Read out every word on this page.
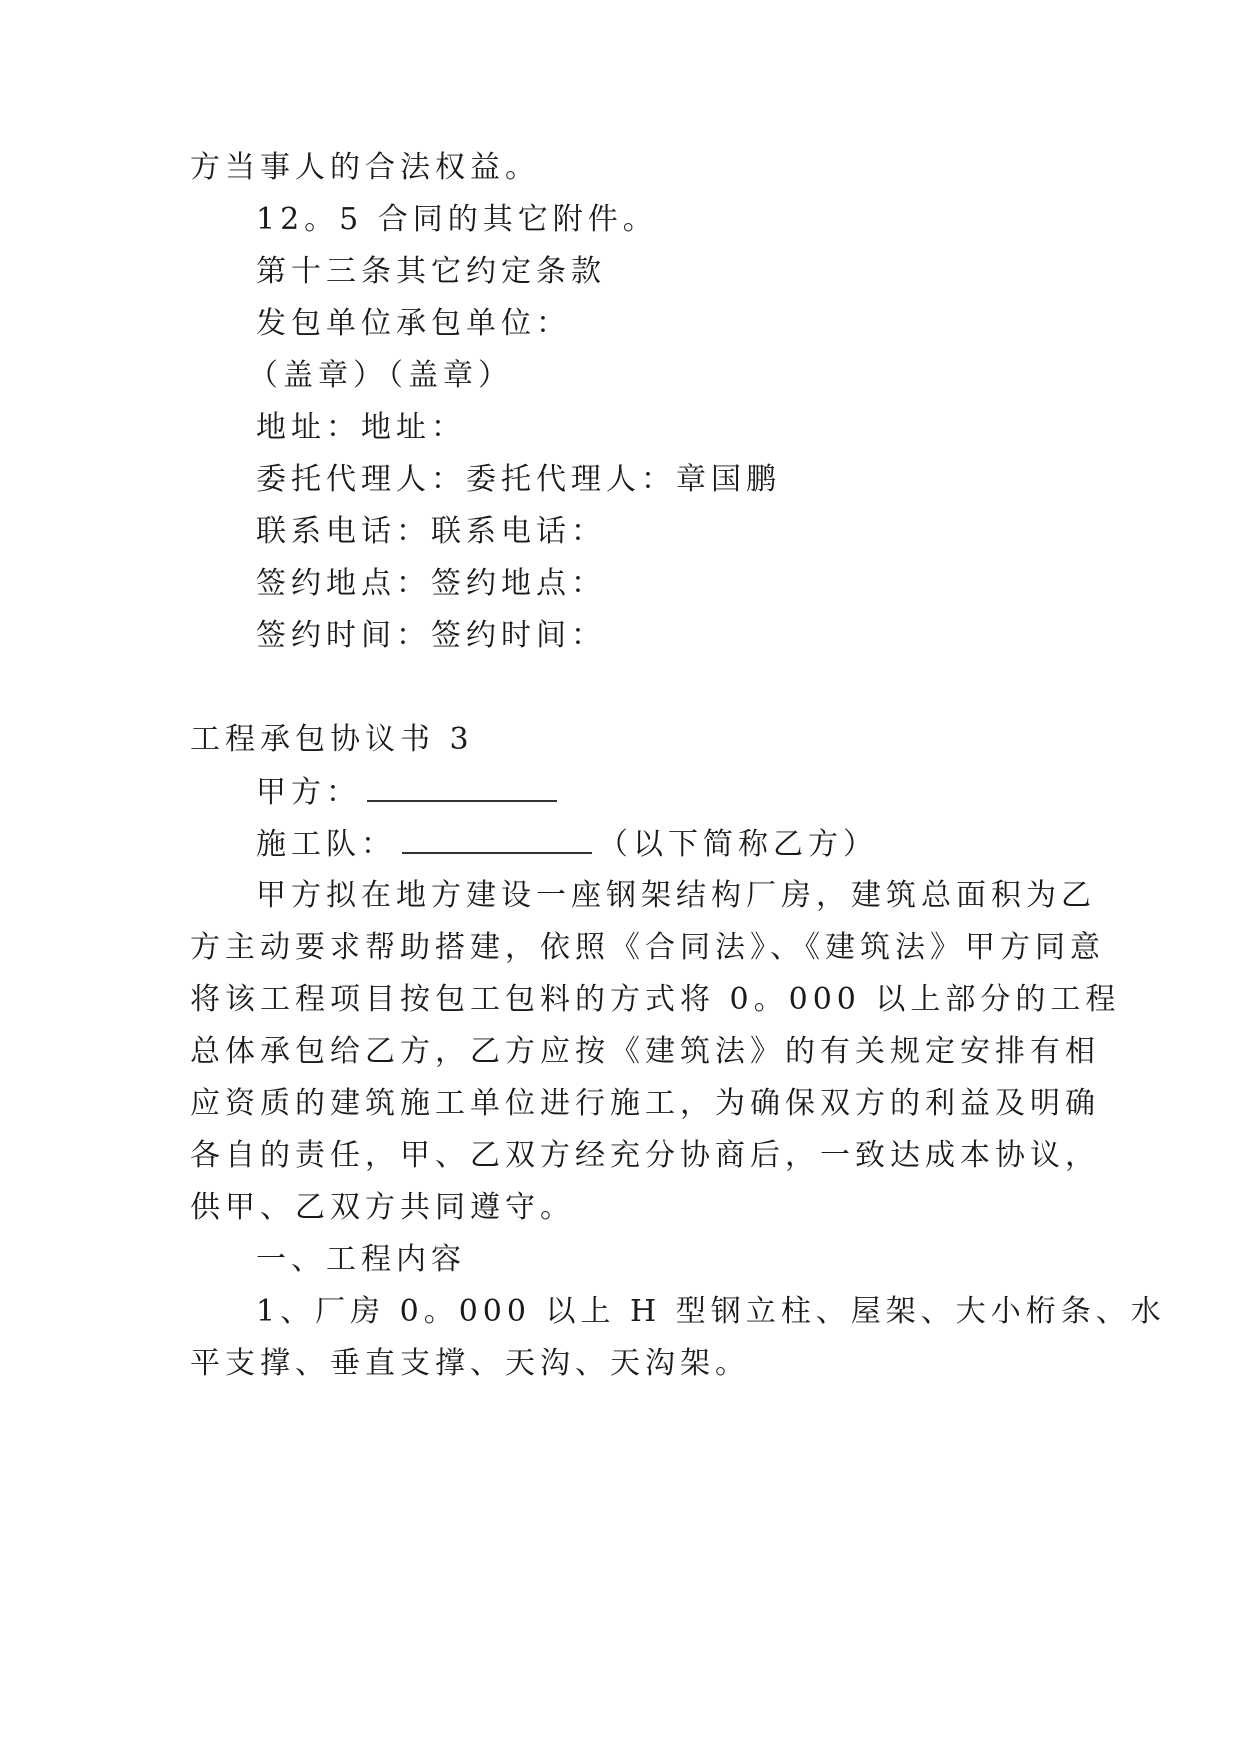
方当事人的合法权益。
12。5 合同的其它附件。
第十三条其它约定条款
发包单位承包单位：
（盖章）（盖章）
地址：地址：
委托代理人：委托代理人：章国鹏
联系电话：联系电话：
签约地点：签约地点：
签约时间：签约时间：
工程承包协议书 3
甲方：
施工队：	（以下简称乙方）
甲方拟在地方建设一座钢架结构厂房，建筑总面积为乙
方主动要求帮助搭建，依照《合同法》、《建筑法》甲方同意
将该工程项目按包工包料的方式将 0。000 以上部分的工程
总体承包给乙方，乙方应按《建筑法》的有关规定安排有相
应资质的建筑施工单位进行施工，为确保双方的利益及明确
各自的责任，甲、乙双方经充分协商后，一致达成本协议，
供甲、乙双方共同遵守。
一、工程内容
1、厂房 0。000 以上 H 型钢立柱、屋架、大小桁条、水
平支撑、垂直支撑、天沟、天沟架。
